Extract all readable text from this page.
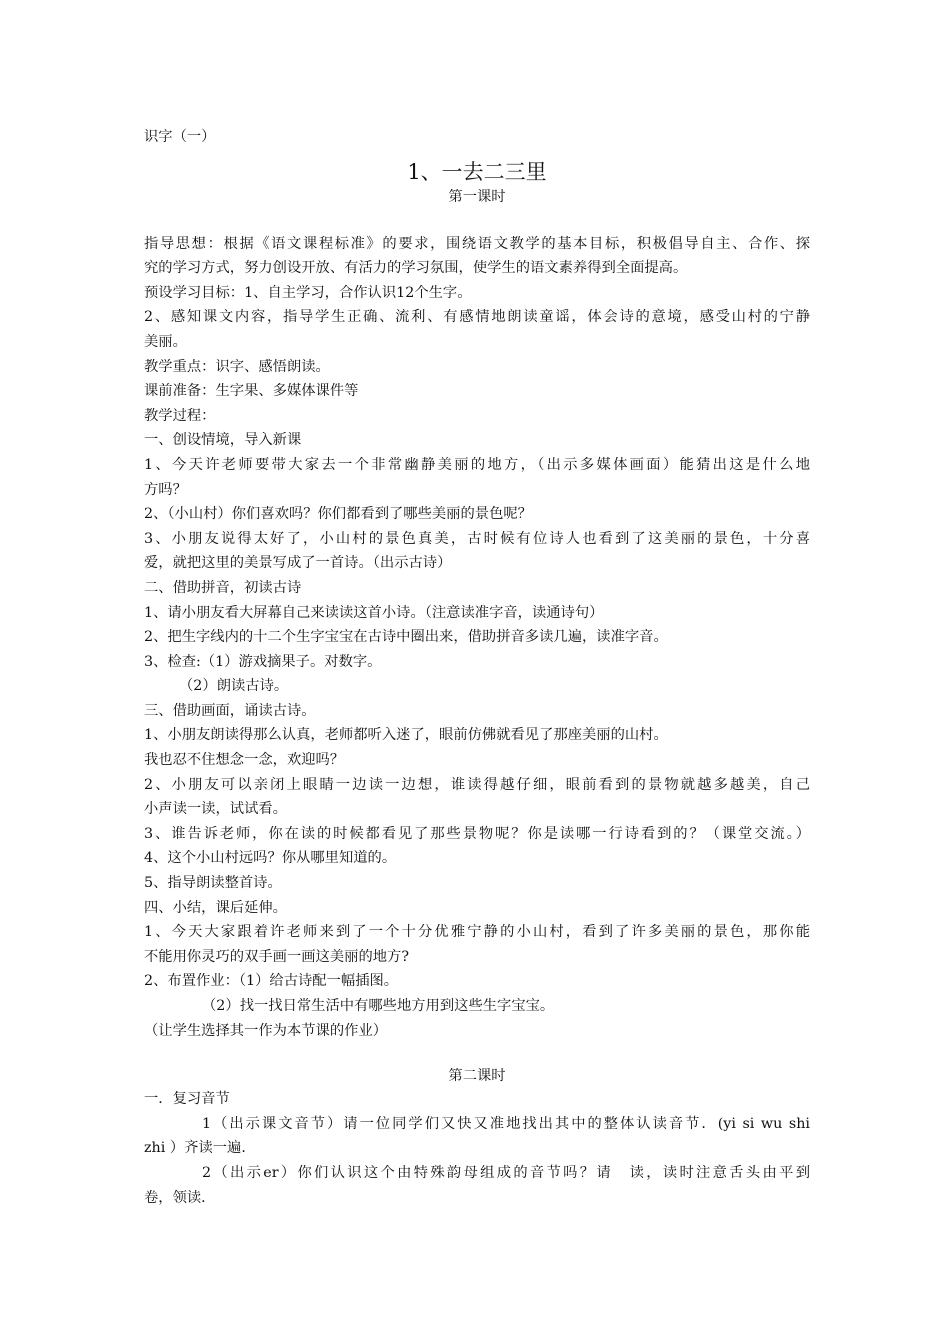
识字（一）
1、一去二三里
第一课时
指导思想：根据《语文课程标准》的要求，围绕语文教学的基本目标，积极倡导自主、合作、探
究的学习方式，努力创设开放、有活力的学习氛围，使学生的语文素养得到全面提高。
预设学习目标：1、自主学习，合作认识12个生字。
2、感知课文内容，指导学生正确、流利、有感情地朗读童谣，体会诗的意境，感受山村的宁静
美丽。
教学重点：识字、感悟朗读。
课前准备：生字果、多媒体课件等
教学过程：
一、创设情境，导入新课
1、今天许老师要带大家去一个非常幽静美丽的地方，（出示多媒体画面）能猜出这是什么地
方吗？
2、（小山村）你们喜欢吗？你们都看到了哪些美丽的景色呢？
3、小朋友说得太好了，小山村的景色真美，古时候有位诗人也看到了这美丽的景色，十分喜
爱，就把这里的美景写成了一首诗。（出示古诗）
二、借助拼音，初读古诗
1、请小朋友看大屏幕自己来读读这首小诗。（注意读准字音，读通诗句）
2、把生字线内的十二个生字宝宝在古诗中圈出来，借助拼音多读几遍，读准字音。
3、检查:（1）游戏摘果子。对数字。
（2）朗读古诗。
三、借助画面，诵读古诗。
1、小朋友朗读得那么认真，老师都听入迷了，眼前仿佛就看见了那座美丽的山村。
我也忍不住想念一念，欢迎吗？
2、小朋友可以亲闭上眼睛一边读一边想，谁读得越仔细，眼前看到的景物就越多越美，自己
小声读一读，试试看。
3、谁告诉老师，你在读的时候都看见了那些景物呢？你是读哪一行诗看到的？（课堂交流。）
4、这个小山村远吗？你从哪里知道的。
5、指导朗读整首诗。
四、小结，课后延伸。
1、今天大家跟着许老师来到了一个十分优雅宁静的小山村，看到了许多美丽的景色，那你能
不能用你灵巧的双手画一画这美丽的地方?
2、布置作业：（1）给古诗配一幅插图。
（2）找一找日常生活中有哪些地方用到这些生字宝宝。
（让学生选择其一作为本节课的作业）
第二课时
一．复习音节
1（出示课文音节）请一位同学们又快又准地找出其中的整体认读音节．(yi si wu shi
zhi ）齐读一遍．
2（出示er）你们认识这个由特殊韵母组成的音节吗？请　读，读时注意舌头由平到
卷，领读．
